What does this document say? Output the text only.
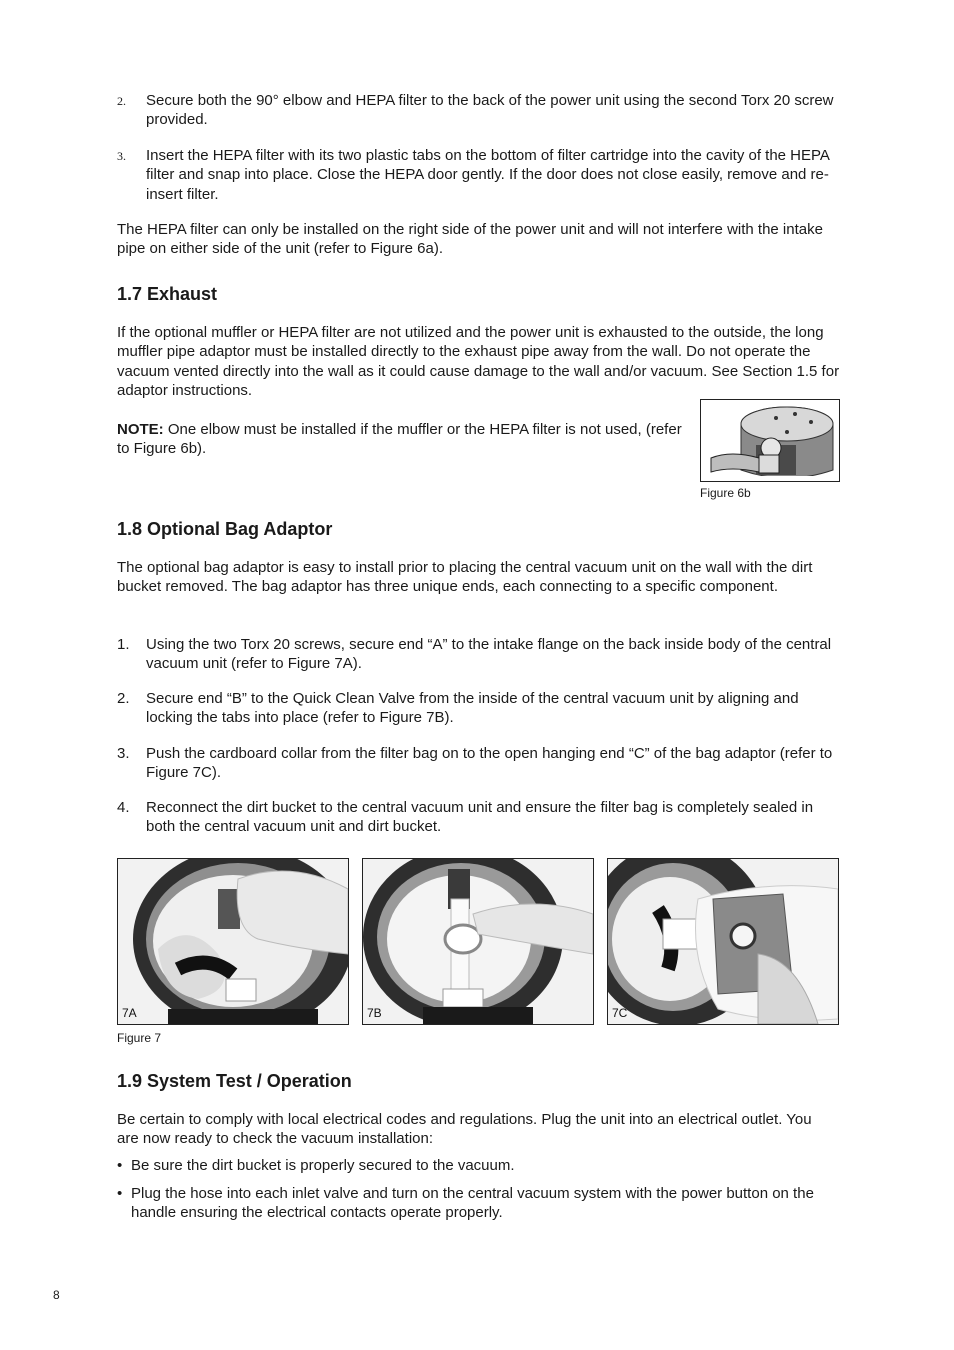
2. Secure both the 90° elbow and HEPA filter to the back of the power unit using the second Torx 20 screw provided.

3. Insert the HEPA filter with its two plastic tabs on the bottom of filter cartridge into the cavity of the HEPA filter and snap into place. Close the HEPA door gently. If the door does not close easily, remove and re-insert filter.

The HEPA filter can only be installed on the right side of the power unit and will not interfere with the intake pipe on either side of the unit (refer to Figure 6a).

1.7 Exhaust

If the optional muffler or HEPA filter are not utilized and the power unit is exhausted to the outside, the long muffler pipe adaptor must be installed directly to the exhaust pipe away from the wall. Do not operate the vacuum vented directly into the wall as it could cause damage to the wall and/or vacuum. See Section 1.5 for adaptor instructions.

NOTE: One elbow must be installed if the muffler or the HEPA filter is not used, (refer to Figure 6b).

Figure 6b
1.8 Optional Bag Adaptor

The optional bag adaptor is easy to install prior to placing the central vacuum unit on the wall with the dirt bucket removed. The bag adaptor has three unique ends, each connecting to a specific component.

1. Using the two Torx 20 screws, secure end “A” to the intake flange on the back inside body of the central vacuum unit (refer to Figure 7A).

2. Secure end “B” to the Quick Clean Valve from the inside of the central vacuum unit by aligning and locking the tabs into place (refer to Figure 7B).

3. Push the cardboard collar from the filter bag on to the open hanging end “C” of the bag adaptor (refer to Figure 7C).

4. Reconnect the dirt bucket to the central vacuum unit and ensure the filter bag is completely sealed in both the central vacuum unit and dirt bucket.

7A	7B	7C
Figure 7
1.9 System Test / Operation

Be certain to comply with local electrical codes and regulations. Plug the unit into an electrical outlet. You are now ready to check the vacuum installation:

• Be sure the dirt bucket is properly secured to the vacuum.

• Plug the hose into each inlet valve and turn on the central vacuum system with the power button on the handle ensuring the electrical contacts operate properly.

8
